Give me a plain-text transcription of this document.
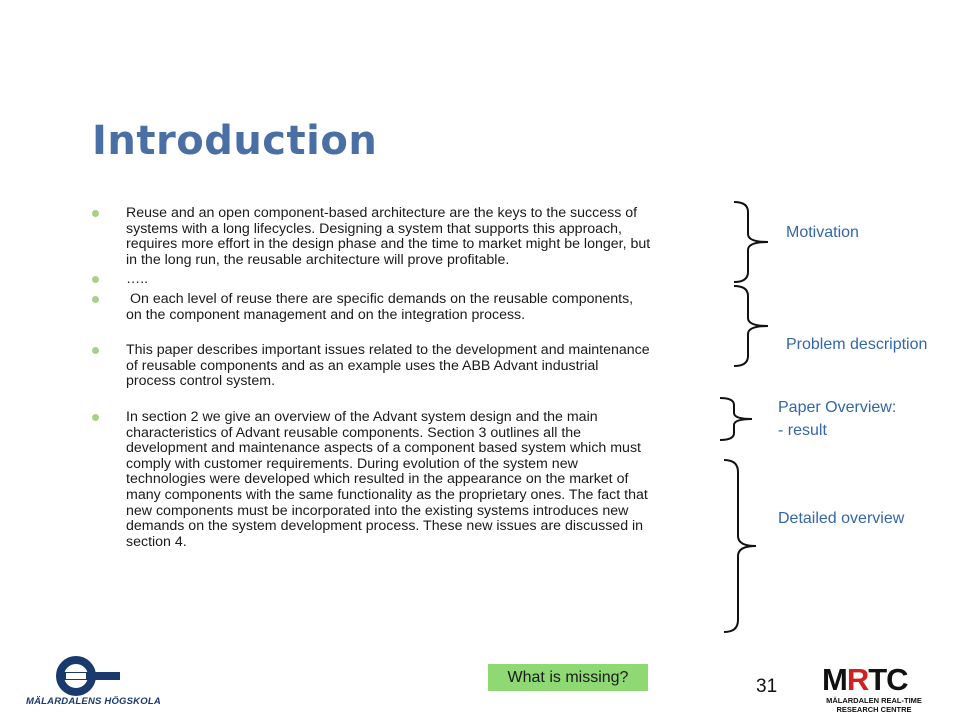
Introduction
Reuse and an open component-based architecture are the keys to the success of systems with a long lifecycles. Designing a system that supports this approach, requires more effort in the design phase and the time to market might be longer, but in the long run, the reusable architecture will prove profitable.
…..
On each level of reuse there are specific demands on the reusable components, on the component management and on the integration process.
This paper describes important issues related to the development and maintenance of reusable components and as an example uses the ABB Advant industrial process control system.
In section 2 we give an overview of the Advant system design and the main characteristics of Advant reusable components. Section 3 outlines all the development and maintenance aspects of a component based system which must comply with customer requirements. During evolution of the system new technologies were developed which resulted in the appearance on the market of many components with the same functionality as the proprietary ones. The fact that new components must be incorporated into the existing systems introduces new demands on the system development process. These new issues are discussed in section 4.
Motivation
Problem description
Paper Overview:
- result
Detailed overview
What is missing?	31
MÄLARDALENS HÖGSKOLA
MRTC
MÄLARDALEN REAL-TIME
RESEARCH CENTRE
